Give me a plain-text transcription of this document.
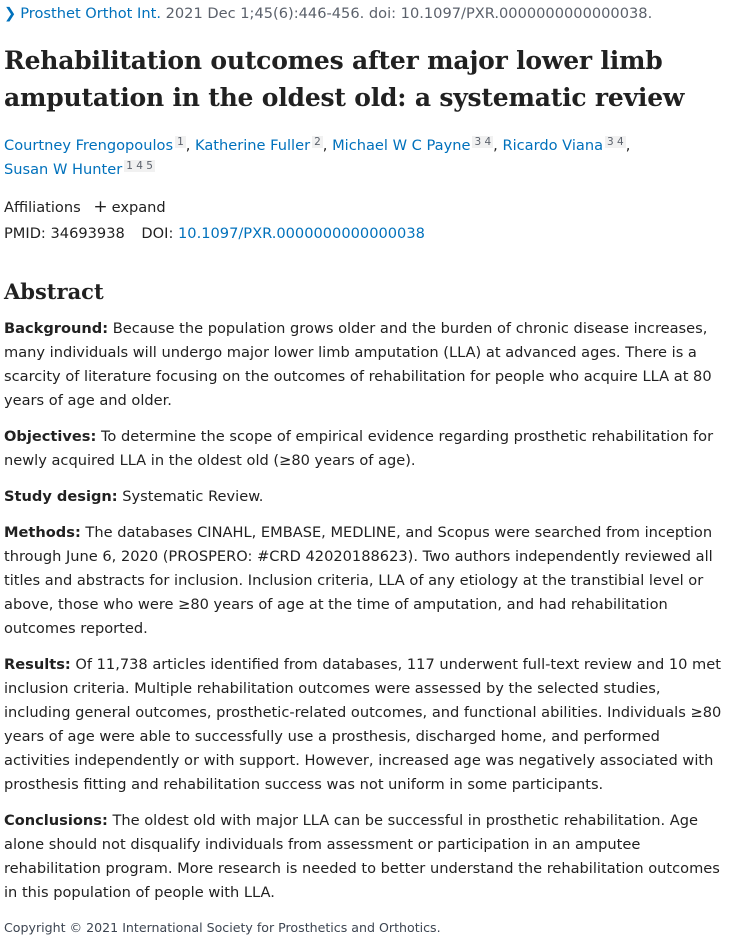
❯ Prosthet Orthot Int. 2021 Dec 1;45(6):446-456. doi: 10.1097/PXR.0000000000000038.
Rehabilitation outcomes after major lower limb amputation in the oldest old: a systematic review
Courtney Frengopoulos $^1$ , Katherine Fuller $^2$ , Michael W C Payne $^{3 4}$ , Ricardo Viana $^{3 4}$ ,
Susan W Hunter $^{1 4 5}$
Affiliations + expand
PMID: 34693938 DOI: 10.1097/PXR.0000000000000038
Abstract

Background: Because the population grows older and the burden of chronic disease increases, many individuals will undergo major lower limb amputation (LLA) at advanced ages. There is a scarcity of literature focusing on the outcomes of rehabilitation for people who acquire LLA at 80 years of age and older.

Objectives: To determine the scope of empirical evidence regarding prosthetic rehabilitation for newly acquired LLA in the oldest old (≥80 years of age).

Study design: Systematic Review.

Methods: The databases CINAHL, EMBASE, MEDLINE, and Scopus were searched from inception through June 6, 2020 (PROSPERO: #CRD 42020188623). Two authors independently reviewed all titles and abstracts for inclusion. Inclusion criteria, LLA of any etiology at the transtibial level or above, those who were ≥80 years of age at the time of amputation, and had rehabilitation outcomes reported.

Results: Of 11,738 articles identified from databases, 117 underwent full-text review and 10 met inclusion criteria. Multiple rehabilitation outcomes were assessed by the selected studies, including general outcomes, prosthetic-related outcomes, and functional abilities. Individuals ≥80 years of age were able to successfully use a prosthesis, discharged home, and performed activities independently or with support. However, increased age was negatively associated with prosthesis fitting and rehabilitation success was not uniform in some participants.

Conclusions: The oldest old with major LLA can be successful in prosthetic rehabilitation. Age alone should not disqualify individuals from assessment or participation in an amputee rehabilitation program. More research is needed to better understand the rehabilitation outcomes in this population of people with LLA.

Copyright © 2021 International Society for Prosthetics and Orthotics.
